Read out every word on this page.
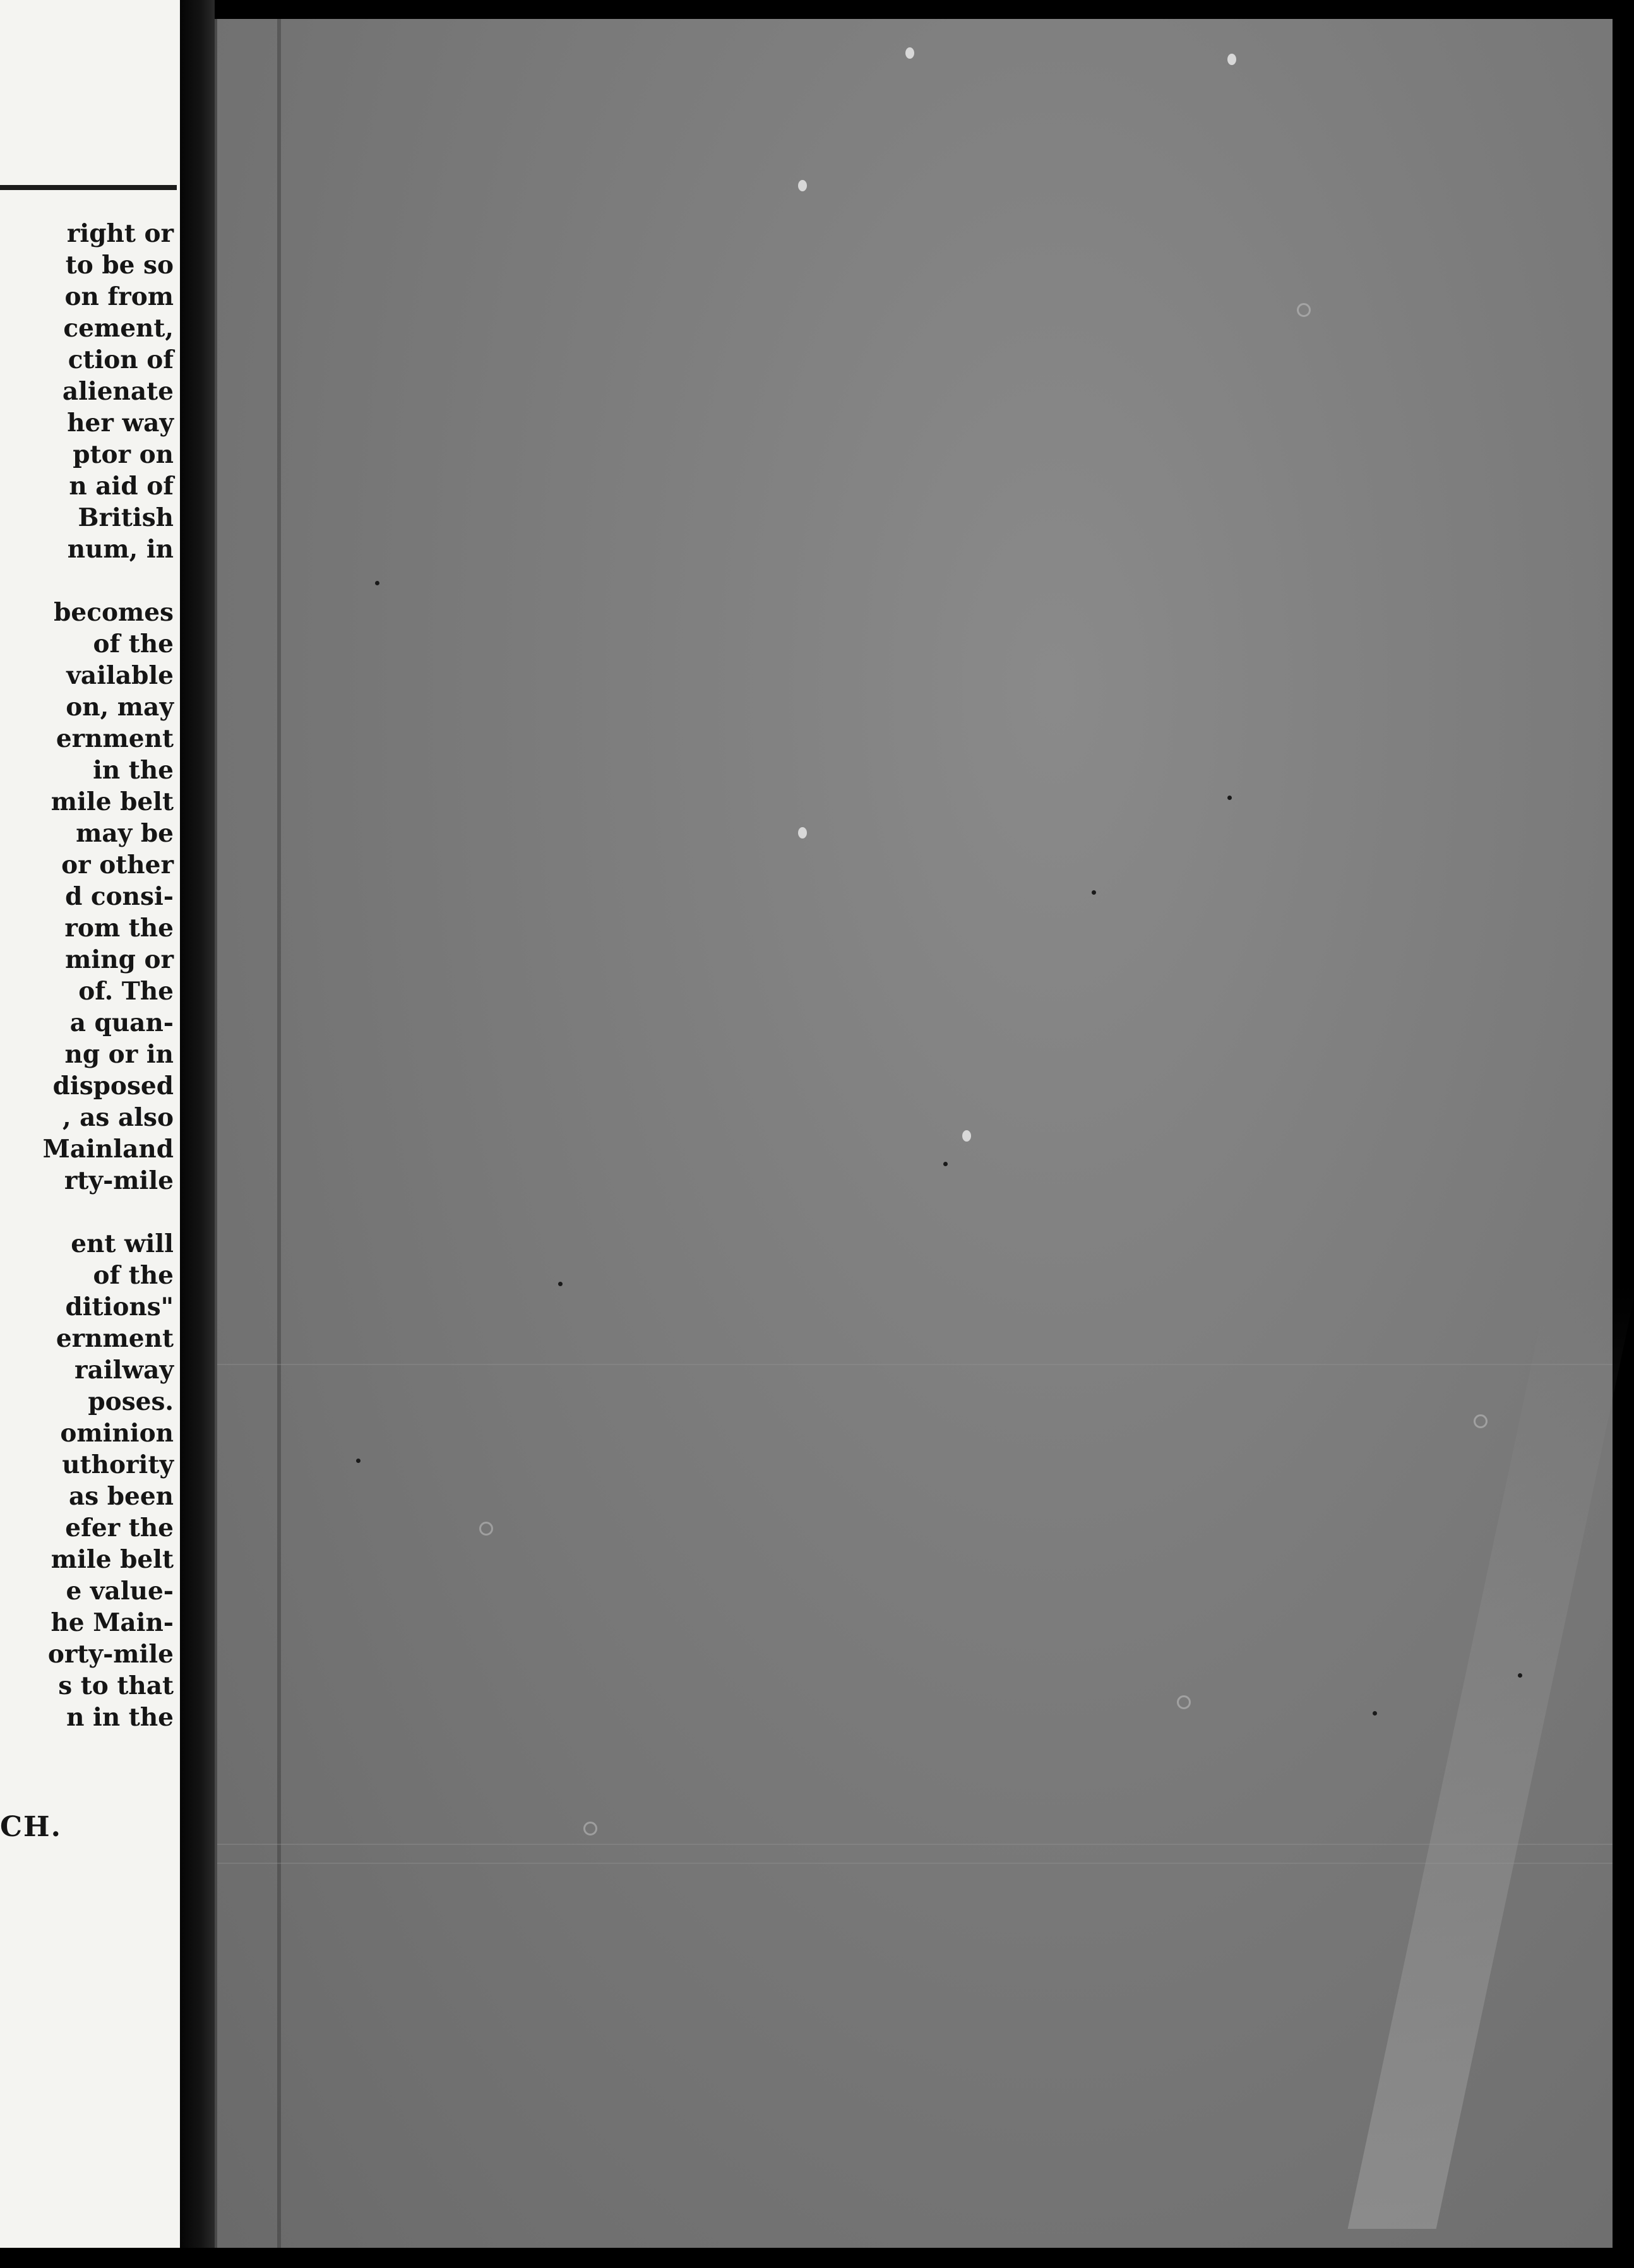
right or
to be so
on from
cement,
ction of
alienate
her way
ptor on
n aid of
British
num, in
becomes
of the
vailable
on, may
ernment
in the
mile belt
may be
or other
d consi-
rom the
ming or
of. The
a quan-
ng or in
disposed
, as also
Mainland
rty-mile
ent will
of the
ditions"
ernment
railway
poses.
ominion
uthority
as been
efer the
mile belt
e value-
he Main-
orty-mile
s to that
n in the
CH.
